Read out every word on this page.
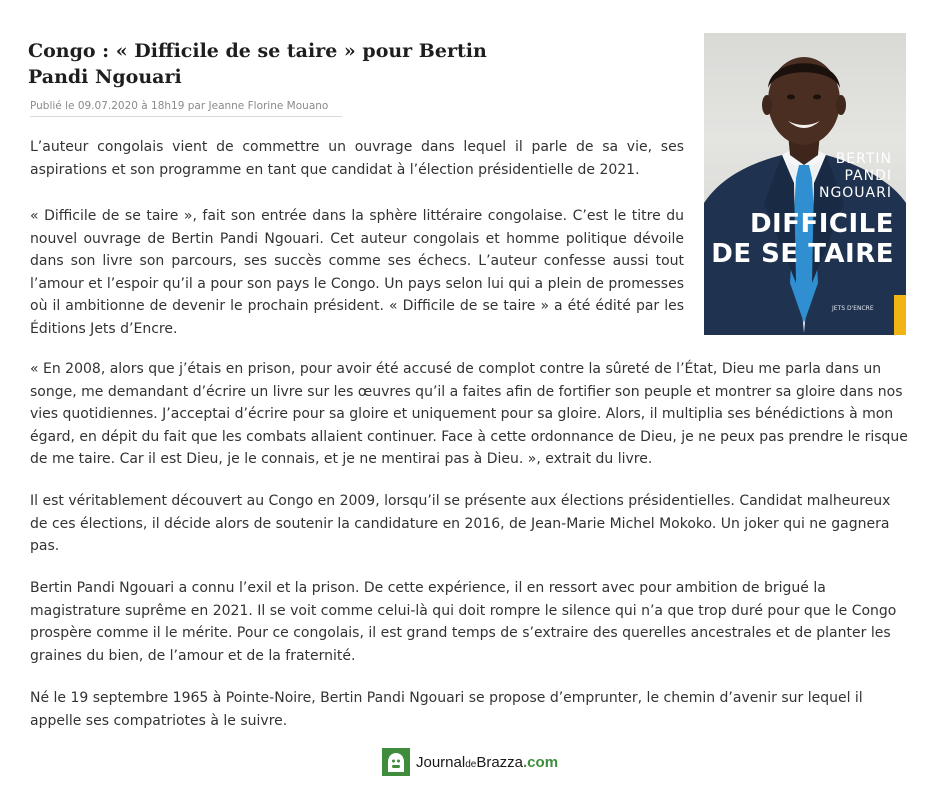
Congo : « Difficile de se taire » pour Bertin Pandi Ngouari
Publié le 09.07.2020 à 18h19 par Jeanne Florine Mouano

L’auteur congolais vient de commettre un ouvrage dans lequel il parle de sa vie, ses aspirations et son programme en tant que candidat à l’élection présidentielle de 2021.

« Difficile de se taire », fait son entrée dans la sphère littéraire congolaise. C’est le titre du nouvel ouvrage de Bertin Pandi Ngouari. Cet auteur congolais et homme politique dévoile dans son livre son parcours, ses succès comme ses échecs. L’auteur confesse aussi tout l’amour et l’espoir qu’il a pour son pays le Congo. Un pays selon lui qui a plein de promesses où il ambitionne de devenir le prochain président. « Difficile de se taire » a été édité par les Éditions Jets d’Encre.

« En 2008, alors que j’étais en prison, pour avoir été accusé de complot contre la sûreté de l’État, Dieu me parla dans un songe, me demandant d’écrire un livre sur les œuvres qu’il a faites afin de fortifier son peuple et montrer sa gloire dans nos vies quotidiennes. J’acceptai d’écrire pour sa gloire et uniquement pour sa gloire. Alors, il multiplia ses bénédictions à mon égard, en dépit du fait que les combats allaient continuer. Face à cette ordonnance de Dieu, je ne peux pas prendre le risque de me taire. Car il est Dieu, je le connais, et je ne mentirai pas à Dieu. », extrait du livre.

Il est véritablement découvert au Congo en 2009, lorsqu’il se présente aux élections présidentielles. Candidat malheureux de ces élections, il décide alors de soutenir la candidature en 2016, de Jean-Marie Michel Mokoko. Un joker qui ne gagnera pas.

Bertin Pandi Ngouari a connu l’exil et la prison. De cette expérience, il en ressort avec pour ambition de brigué la magistrature suprême en 2021. Il se voit comme celui-là qui doit rompre le silence qui n’a que trop duré pour que le Congo prospère comme il le mérite. Pour ce congolais, il est grand temps de s’extraire des querelles ancestrales et de planter les graines du bien, de l’amour et de la fraternité.

Né le 19 septembre 1965 à Pointe-Noire, Bertin Pandi Ngouari se propose d’emprunter, le chemin d’avenir sur lequel il appelle ses compatriotes à le suivre.

BERTIN
PANDI
NGOUARI
DIFFICILE
DE SE TAIRE
JETS D'ENCRE
JournaldeBrazza.com
